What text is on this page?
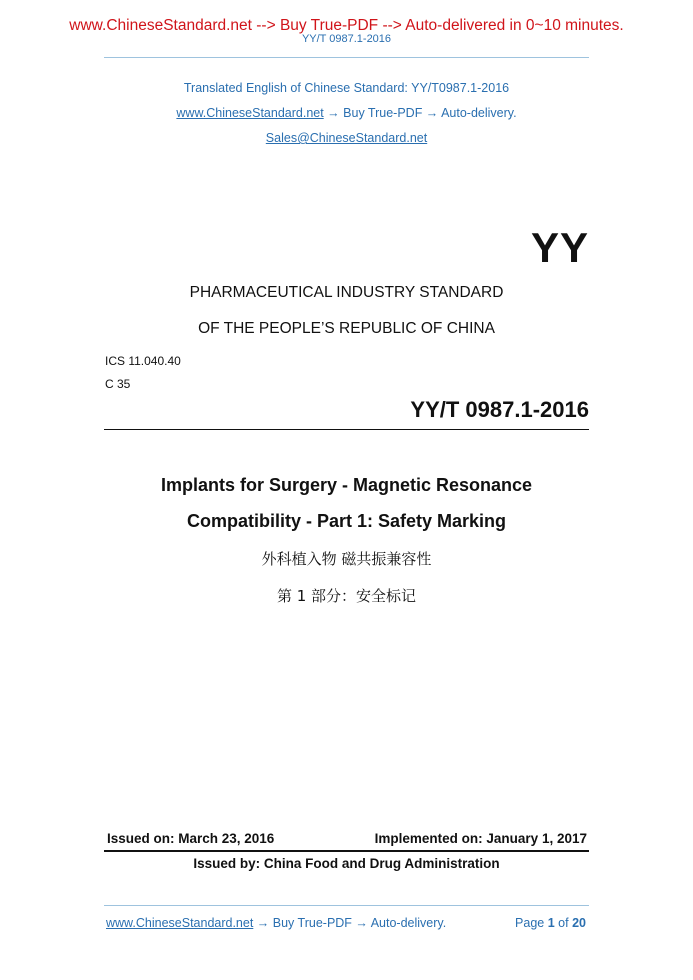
www.ChineseStandard.net --> Buy True-PDF --> Auto-delivered in 0~10 minutes.
YY/T 0987.1-2016
Translated English of Chinese Standard: YY/T0987.1-2016
www.ChineseStandard.net → Buy True-PDF → Auto-delivery.
Sales@ChineseStandard.net
YY
PHARMACEUTICAL INDUSTRY STANDARD
OF THE PEOPLE’S REPUBLIC OF CHINA
ICS 11.040.40
C 35
YY/T 0987.1-2016
Implants for Surgery - Magnetic Resonance
Compatibility - Part 1: Safety Marking
外科植入物 磁共振兼容性
第 1 部分：安全标记
Issued on: March 23, 2016	Implemented on: January 1, 2017
Issued by: China Food and Drug Administration
www.ChineseStandard.net → Buy True-PDF → Auto-delivery.	Page 1 of 20
